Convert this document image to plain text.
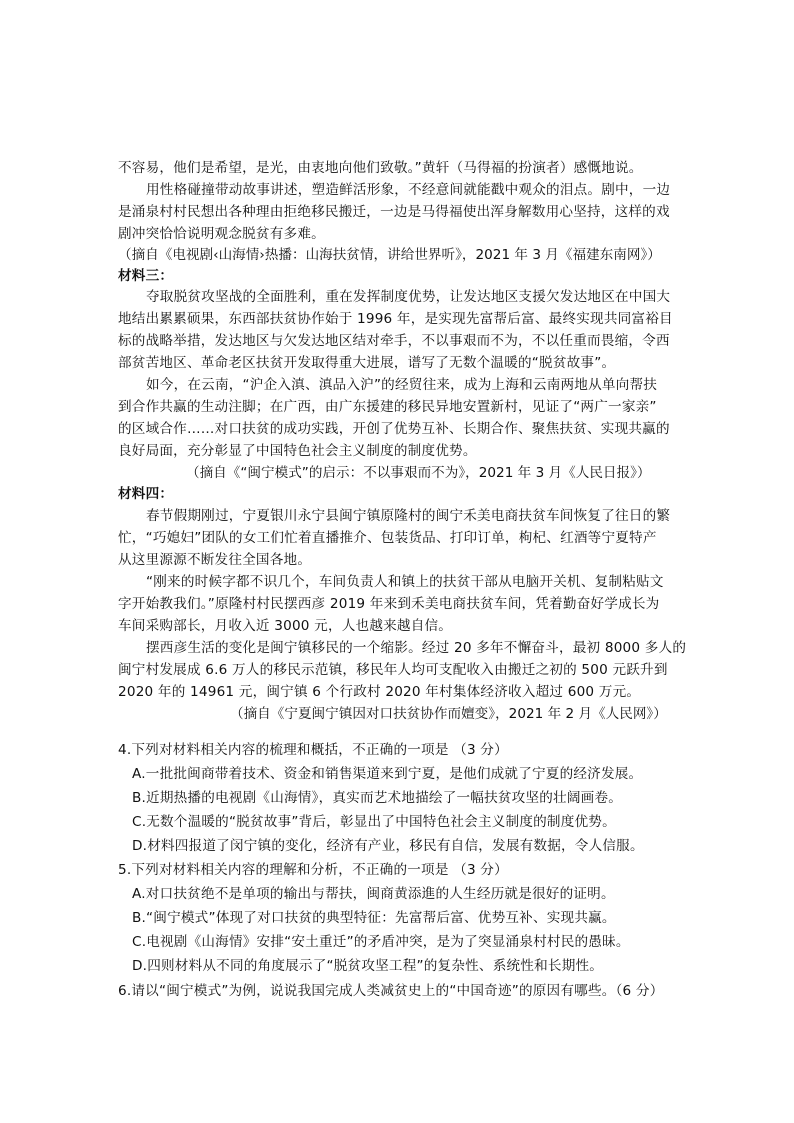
不容易，他们是希望，是光，由衷地向他们致敬。”黄轩（马得福的扮演者）感慨地说。
用性格碰撞带动故事讲述，塑造鲜活形象，不经意间就能戳中观众的泪点。剧中，一边
是涌泉村村民想出各种理由拒绝移民搬迁，一边是马得福使出浑身解数用心坚持，这样的戏
剧冲突恰恰说明观念脱贫有多难。
（摘自《电视剧‹山海情›热播：山海扶贫情，讲给世界听》，2021 年 3 月《福建东南网》）
材料三：
夺取脱贫攻坚战的全面胜利，重在发挥制度优势，让发达地区支援欠发达地区在中国大
地结出累累硕果，东西部扶贫协作始于 1996 年，是实现先富帮后富、最终实现共同富裕目
标的战略举措，发达地区与欠发达地区结对牵手，不以事艰而不为，不以任重而畏缩，令西
部贫苦地区、革命老区扶贫开发取得重大进展，谱写了无数个温暖的“脱贫故事”。
如今，在云南，“沪企入滇、滇品入沪”的经贸往来，成为上海和云南两地从单向帮扶
到合作共赢的生动注脚；在广西，由广东援建的移民异地安置新村，见证了“两广一家亲”
的区域合作……对口扶贫的成功实践，开创了优势互补、长期合作、聚焦扶贫、实现共赢的
良好局面，充分彰显了中国特色社会主义制度的制度优势。
（摘自《“闽宁模式”的启示：不以事艰而不为》，2021 年 3 月《人民日报》）
材料四：
春节假期刚过，宁夏银川永宁县闽宁镇原隆村的闽宁禾美电商扶贫车间恢复了往日的繁
忙，“巧媳妇”团队的女工们忙着直播推介、包装货品、打印订单，枸杞、红酒等宁夏特产
从这里源源不断发往全国各地。
“刚来的时候字都不识几个，车间负责人和镇上的扶贫干部从电脑开关机、复制粘贴文
字开始教我们。”原隆村村民摆西彦 2019 年来到禾美电商扶贫车间，凭着勤奋好学成长为
车间采购部长，月收入近 3000 元，人也越来越自信。
摆西彦生活的变化是闽宁镇移民的一个缩影。经过 20 多年不懈奋斗，最初 8000 多人的
闽宁村发展成 6.6 万人的移民示范镇，移民年人均可支配收入由搬迁之初的 500 元跃升到
2020 年的 14961 元，闽宁镇 6 个行政村 2020 年村集体经济收入超过 600 万元。
（摘自《宁夏闽宁镇因对口扶贫协作而嬗变》，2021 年 2 月《人民网》）
4.下列对材料相关内容的梳理和概括，不正确的一项是 （3 分）
A.一批批闽商带着技术、资金和销售渠道来到宁夏，是他们成就了宁夏的经济发展。
B.近期热播的电视剧《山海情》，真实而艺术地描绘了一幅扶贫攻坚的壮阔画卷。
C.无数个温暖的“脱贫故事”背后，彰显出了中国特色社会主义制度的制度优势。
D.材料四报道了闵宁镇的变化，经济有产业，移民有自信，发展有数据，令人信服。
5.下列对材料相关内容的理解和分析，不正确的一项是 （3 分）
A.对口扶贫绝不是单项的输出与帮扶，闽商黄添進的人生经历就是很好的证明。
B.“闽宁模式”体现了对口扶贫的典型特征：先富帮后富、优势互补、实现共赢。
C.电视剧《山海情》安排“安土重迁”的矛盾冲突，是为了突显涌泉村村民的愚昧。
D.四则材料从不同的角度展示了“脱贫攻坚工程”的复杂性、系统性和长期性。
6.请以“闽宁模式”为例，说说我国完成人类减贫史上的“中国奇迹”的原因有哪些。（6 分）
